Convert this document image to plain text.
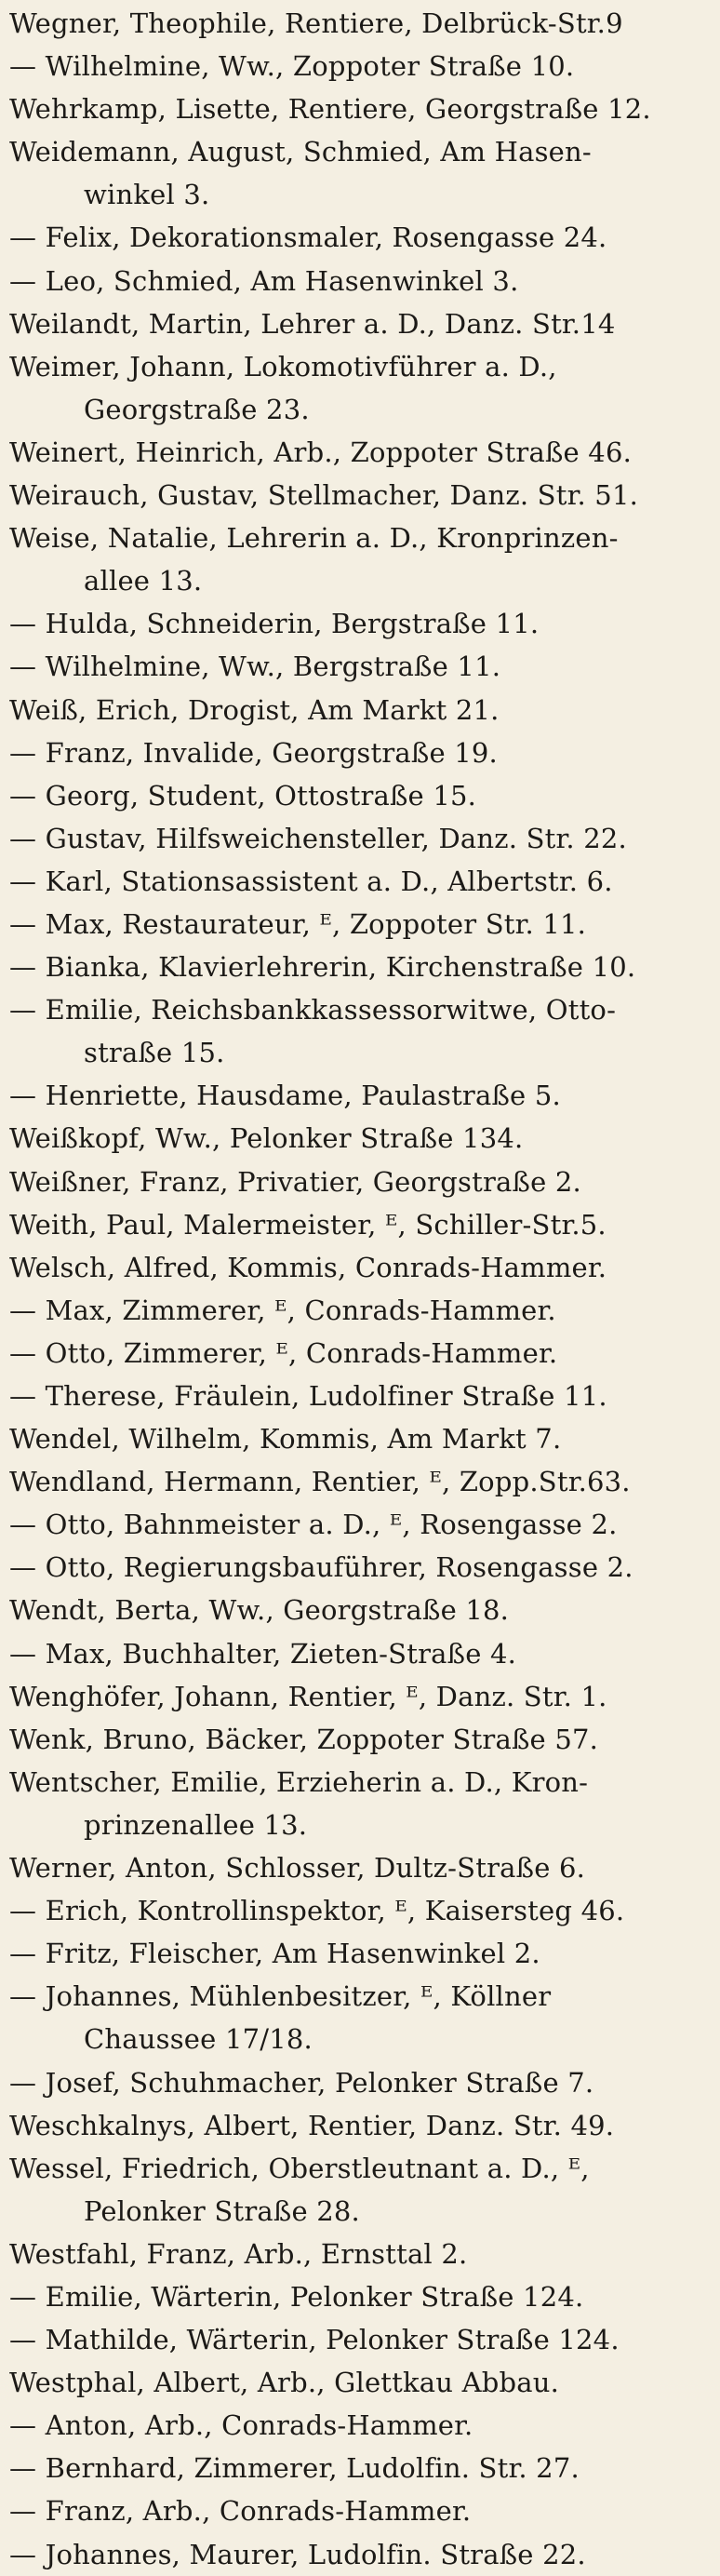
Wegner, Theophile, Rentiere, Delbrück-Str.9
— Wilhelmine, Ww., Zoppoter Straße 10.
Wehrkamp, Lisette, Rentiere, Georgstraße 12.
Weidemann, August, Schmied, Am Hasen-
winkel 3.
— Felix, Dekorationsmaler, Rosengasse 24.
— Leo, Schmied, Am Hasenwinkel 3.
Weilandt, Martin, Lehrer a. D., Danz. Str.14
Weimer, Johann, Lokomotivführer a. D.,
Georgstraße 23.
Weinert, Heinrich, Arb., Zoppoter Straße 46.
Weirauch, Gustav, Stellmacher, Danz. Str. 51.
Weise, Natalie, Lehrerin a. D., Kronprinzen-
allee 13.
— Hulda, Schneiderin, Bergstraße 11.
— Wilhelmine, Ww., Bergstraße 11.
Weiß, Erich, Drogist, Am Markt 21.
— Franz, Invalide, Georgstraße 19.
— Georg, Student, Ottostraße 15.
— Gustav, Hilfsweichensteller, Danz. Str. 22.
— Karl, Stationsassistent a. D., Albertstr. 6.
— Max, Restaurateur, ᴱ, Zoppoter Str. 11.
— Bianka, Klavierlehrerin, Kirchenstraße 10.
— Emilie, Reichsbankkassessorwitwe, Otto-
straße 15.
— Henriette, Hausdame, Paulastraße 5.
Weißkopf, Ww., Pelonker Straße 134.
Weißner, Franz, Privatier, Georgstraße 2.
Weith, Paul, Malermeister, ᴱ, Schiller-Str.5.
Welsch, Alfred, Kommis, Conrads-Hammer.
— Max, Zimmerer, ᴱ, Conrads-Hammer.
— Otto, Zimmerer, ᴱ, Conrads-Hammer.
— Therese, Fräulein, Ludolfiner Straße 11.
Wendel, Wilhelm, Kommis, Am Markt 7.
Wendland, Hermann, Rentier, ᴱ, Zopp.Str.63.
— Otto, Bahnmeister a. D., ᴱ, Rosengasse 2.
— Otto, Regierungsbauführer, Rosengasse 2.
Wendt, Berta, Ww., Georgstraße 18.
— Max, Buchhalter, Zieten-Straße 4.
Wenghöfer, Johann, Rentier, ᴱ, Danz. Str. 1.
Wenk, Bruno, Bäcker, Zoppoter Straße 57.
Wentscher, Emilie, Erzieherin a. D., Kron-
prinzenallee 13.
Werner, Anton, Schlosser, Dultz-Straße 6.
— Erich, Kontrollinspektor, ᴱ, Kaisersteg 46.
— Fritz, Fleischer, Am Hasenwinkel 2.
— Johannes, Mühlenbesitzer, ᴱ, Köllner
Chaussee 17/18.
— Josef, Schuhmacher, Pelonker Straße 7.
Weschkalnys, Albert, Rentier, Danz. Str. 49.
Wessel, Friedrich, Oberstleutnant a. D., ᴱ,
Pelonker Straße 28.
Westfahl, Franz, Arb., Ernsttal 2.
— Emilie, Wärterin, Pelonker Straße 124.
— Mathilde, Wärterin, Pelonker Straße 124.
Westphal, Albert, Arb., Glettkau Abbau.
— Anton, Arb., Conrads-Hammer.
— Bernhard, Zimmerer, Ludolfin. Str. 27.
— Franz, Arb., Conrads-Hammer.
— Johannes, Maurer, Ludolfin. Straße 22.
